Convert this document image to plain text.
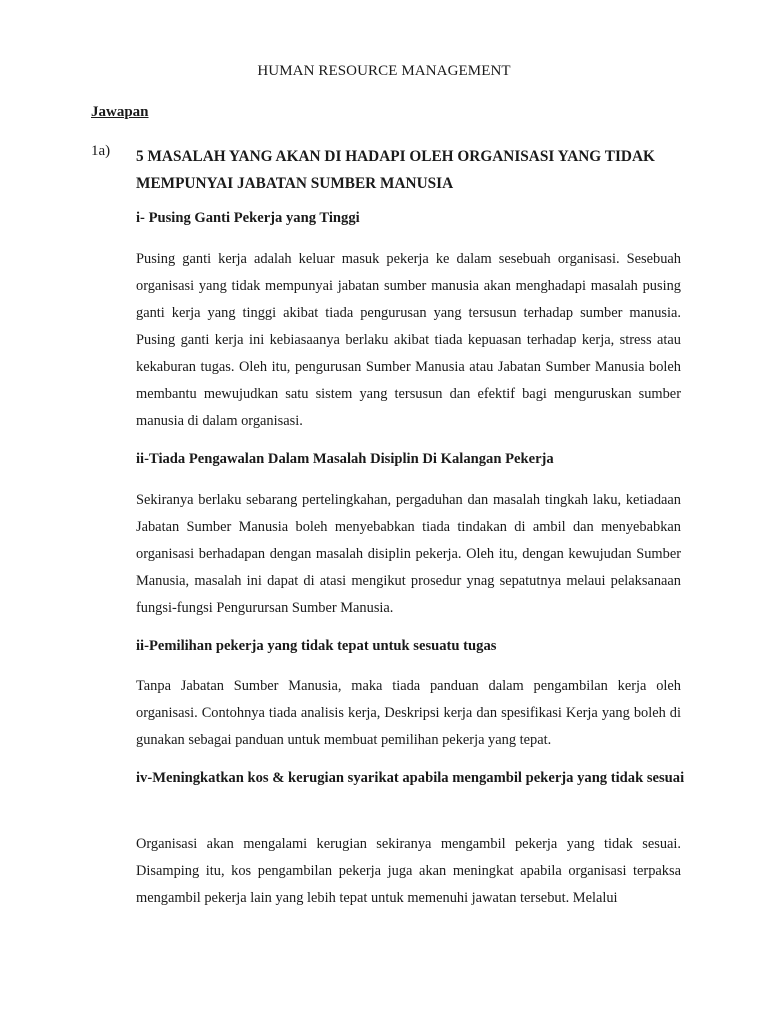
HUMAN RESOURCE MANAGEMENT
Jawapan
1a) 5 MASALAH YANG AKAN DI HADAPI OLEH ORGANISASI YANG TIDAK MEMPUNYAI JABATAN SUMBER MANUSIA
i- Pusing Ganti Pekerja yang Tinggi
Pusing ganti kerja adalah keluar masuk pekerja ke dalam sesebuah organisasi. Sesebuah organisasi yang tidak mempunyai jabatan sumber manusia akan menghadapi masalah pusing ganti kerja yang tinggi akibat tiada pengurusan yang tersusun terhadap sumber manusia. Pusing ganti kerja ini kebiasaanya berlaku akibat tiada kepuasan terhadap kerja, stress atau kekaburan tugas. Oleh itu, pengurusan Sumber Manusia atau Jabatan Sumber Manusia boleh membantu mewujudkan satu sistem yang tersusun dan efektif bagi menguruskan sumber manusia di dalam organisasi.
ii-Tiada Pengawalan Dalam Masalah Disiplin Di Kalangan Pekerja
Sekiranya berlaku sebarang pertelingkahan, pergaduhan dan masalah tingkah laku, ketiadaan Jabatan Sumber Manusia boleh menyebabkan tiada tindakan di ambil dan menyebabkan organisasi berhadapan dengan masalah disiplin pekerja. Oleh itu, dengan kewujudan Sumber Manusia, masalah ini dapat di atasi mengikut prosedur ynag sepatutnya melaui pelaksanaan fungsi-fungsi Pengurursan Sumber Manusia.
ii-Pemilihan pekerja yang tidak tepat untuk sesuatu tugas
Tanpa Jabatan Sumber Manusia, maka tiada panduan dalam pengambilan kerja oleh organisasi. Contohnya tiada analisis kerja, Deskripsi kerja dan spesifikasi Kerja yang boleh di gunakan sebagai panduan untuk membuat pemilihan pekerja yang tepat.
iv-Meningkatkan kos & kerugian syarikat apabila mengambil pekerja yang tidak sesuai
Organisasi akan mengalami kerugian sekiranya mengambil pekerja yang tidak sesuai. Disamping itu, kos pengambilan pekerja juga akan meningkat apabila organisasi terpaksa mengambil pekerja lain yang lebih tepat untuk memenuhi jawatan tersebut. Melalui
